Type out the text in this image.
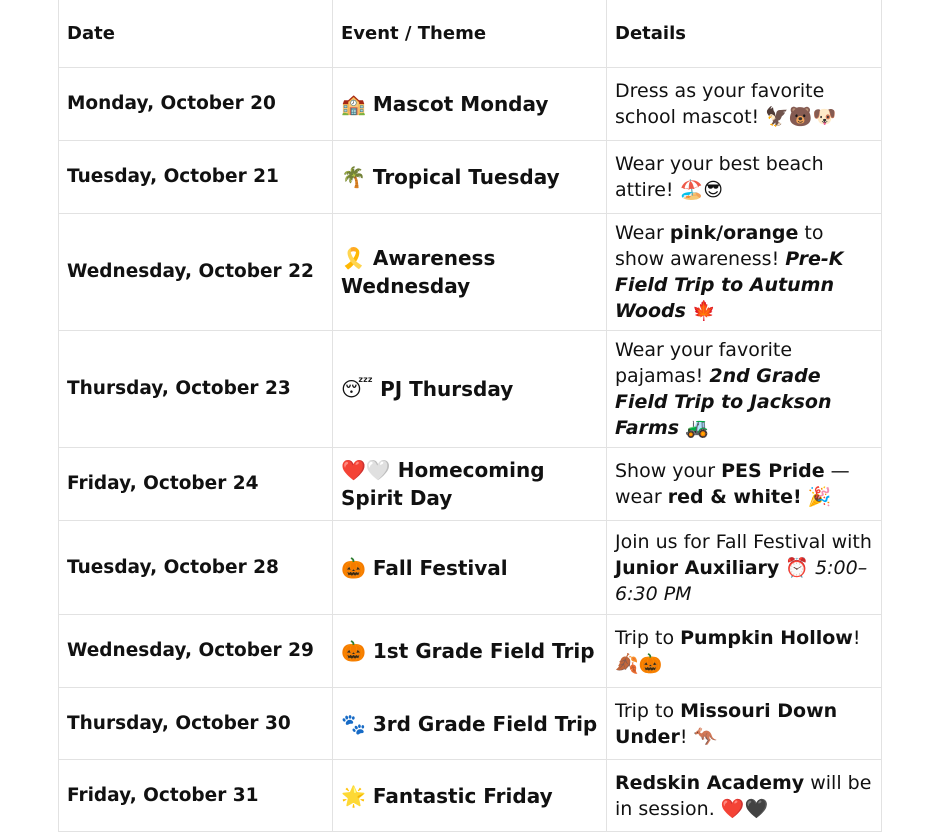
Date	Event / Theme	Details
Monday, October 20	🏫 Mascot Monday	Dress as your favorite school mascot! 🦅🐻🐶
Tuesday, October 21	🌴 Tropical Tuesday	Wear your best beach attire! 🏖️😎
Wednesday, October 22	🎗️ Awareness Wednesday	Wear pink/orange to show awareness! Pre-K Field Trip to Autumn Woods 🍁
Thursday, October 23	😴 PJ Thursday	Wear your favorite pajamas! 2nd Grade Field Trip to Jackson Farms 🚜
Friday, October 24	❤️🤍 Homecoming Spirit Day	Show your PES Pride — wear red & white! 🎉
Tuesday, October 28	🎃 Fall Festival	Join us for Fall Festival with Junior Auxiliary ⏰ 5:00–6:30 PM
Wednesday, October 29	🎃 1st Grade Field Trip	Trip to Pumpkin Hollow! 🍂🎃
Thursday, October 30	🐾 3rd Grade Field Trip	Trip to Missouri Down Under! 🦘
Friday, October 31	🌟 Fantastic Friday	Redskin Academy will be in session. ❤️🖤
